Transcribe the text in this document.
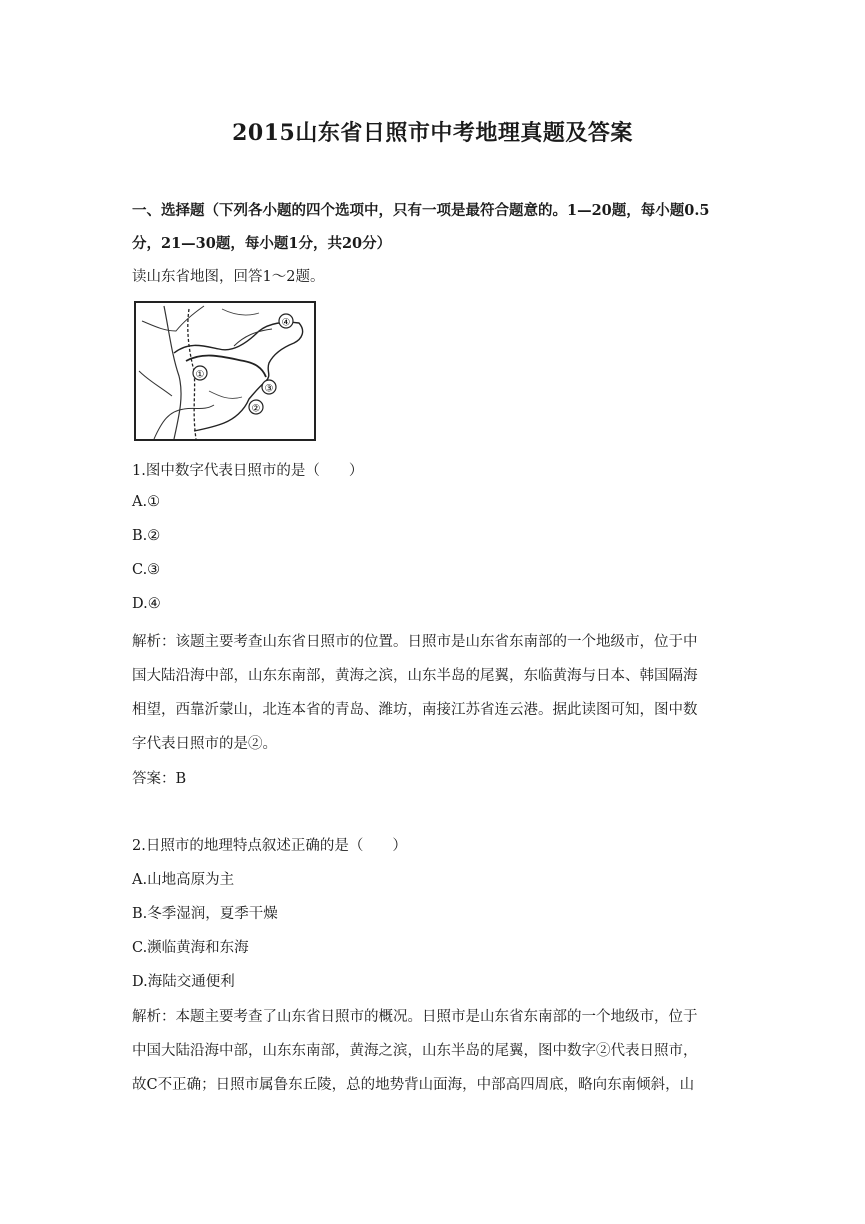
2015山东省日照市中考地理真题及答案
一、选择题（下列各小题的四个选项中，只有一项是最符合题意的。1—20题，每小题0.5
分，21—30题，每小题1分，共20分）
读山东省地图，回答1～2题。
①
②
③
④
1.图中数字代表日照市的是（　　）
A.①
B.②
C.③
D.④
解析：该题主要考查山东省日照市的位置。日照市是山东省东南部的一个地级市，位于中
国大陆沿海中部，山东东南部，黄海之滨，山东半岛的尾翼，东临黄海与日本、韩国隔海
相望，西靠沂蒙山，北连本省的青岛、潍坊，南接江苏省连云港。据此读图可知，图中数
字代表日照市的是②。
答案：B
2.日照市的地理特点叙述正确的是（　　）
A.山地高原为主
B.冬季湿润，夏季干燥
C.濒临黄海和东海
D.海陆交通便利
解析：本题主要考查了山东省日照市的概况。日照市是山东省东南部的一个地级市，位于
中国大陆沿海中部，山东东南部，黄海之滨，山东半岛的尾翼，图中数字②代表日照市，
故C不正确；日照市属鲁东丘陵，总的地势背山面海，中部高四周底，略向东南倾斜，山
